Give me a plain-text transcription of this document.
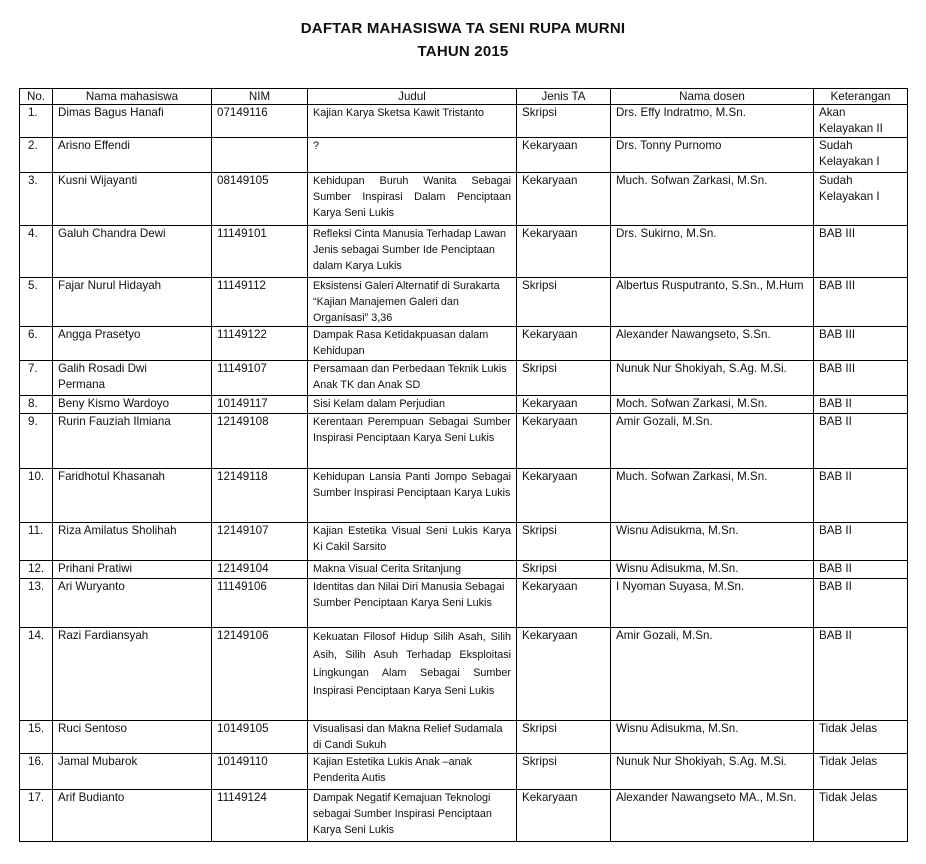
DAFTAR MAHASISWA TA SENI RUPA MURNI
TAHUN 2015
No.	Nama mahasiswa	NIM	Judul	Jenis TA	Nama dosen	Keterangan
1.	Dimas Bagus Hanafi	07149116	Kajian Karya Sketsa Kawit Tristanto	Skripsi	Drs. Effy Indratmo, M.Sn.	Akan Kelayakan II
2.	Arisno Effendi		?	Kekaryaan	Drs. Tonny Purnomo	Sudah Kelayakan I
3.	Kusni Wijayanti	08149105	Kehidupan Buruh Wanita Sebagai Sumber Inspirasi Dalam Penciptaan Karya Seni Lukis	Kekaryaan	Much. Sofwan Zarkasi, M.Sn.	Sudah Kelayakan I
4.	Galuh Chandra Dewi	11149101	Refleksi Cinta Manusia Terhadap Lawan Jenis sebagai Sumber Ide Penciptaan dalam Karya Lukis	Kekaryaan	Drs. Sukirno, M.Sn.	BAB III
5.	Fajar Nurul Hidayah	11149112	Eksistensi Galeri Alternatif di Surakarta “Kajian Manajemen Galeri dan Organisasi” 3,36	Skripsi	Albertus Rusputranto, S.Sn., M.Hum	BAB III
6.	Angga Prasetyo	11149122	Dampak Rasa Ketidakpuasan dalam Kehidupan	Kekaryaan	Alexander Nawangseto, S.Sn.	BAB III
7.	Galih Rosadi Dwi Permana	11149107	Persamaan dan Perbedaan Teknik Lukis Anak TK dan Anak SD	Skripsi	Nunuk Nur Shokiyah, S.Ag. M.Si.	BAB III
8.	Beny Kismo Wardoyo	10149117	Sisi Kelam dalam Perjudian	Kekaryaan	Moch. Sofwan Zarkasi, M.Sn.	BAB II
9.	Rurin Fauziah Ilmiana	12149108	Kerentaan Perempuan Sebagai Sumber Inspirasi Penciptaan Karya Seni Lukis	Kekaryaan	Amir Gozali, M.Sn.	BAB II
10.	Faridhotul Khasanah	12149118	Kehidupan Lansia Panti Jompo Sebagai Sumber Inspirasi Penciptaan Karya Lukis	Kekaryaan	Much. Sofwan Zarkasi, M.Sn.	BAB II
11.	Riza Amilatus Sholihah	12149107	Kajian Estetika Visual Seni Lukis Karya Ki Cakil Sarsito	Skripsi	Wisnu Adisukma, M.Sn.	BAB II
12.	Prihani Pratiwi	12149104	Makna Visual Cerita Sritanjung	Skripsi	Wisnu Adisukma, M.Sn.	BAB II
13.	Ari Wuryanto	11149106	Identitas dan Nilai Diri Manusia Sebagai Sumber Penciptaan Karya Seni Lukis	Kekaryaan	I Nyoman Suyasa, M.Sn.	BAB II
14.	Razi Fardiansyah	12149106	Kekuatan Filosof Hidup Silih Asah, Silih Asih, Silih Asuh Terhadap Eksploitasi Lingkungan Alam Sebagai Sumber Inspirasi Penciptaan Karya Seni Lukis	Kekaryaan	Amir Gozali, M.Sn.	BAB II
15.	Ruci Sentoso	10149105	Visualisasi dan Makna Relief Sudamala di Candi Sukuh	Skripsi	Wisnu Adisukma, M.Sn.	Tidak Jelas
16.	Jamal Mubarok	10149110	Kajian Estetika Lukis Anak –anak Penderita Autis	Skripsi	Nunuk Nur Shokiyah, S.Ag. M.Si.	Tidak Jelas
17.	Arif Budianto	11149124	Dampak Negatif Kemajuan Teknologi sebagai Sumber Inspirasi Penciptaan Karya Seni Lukis	Kekaryaan	Alexander Nawangseto MA., M.Sn.	Tidak Jelas
